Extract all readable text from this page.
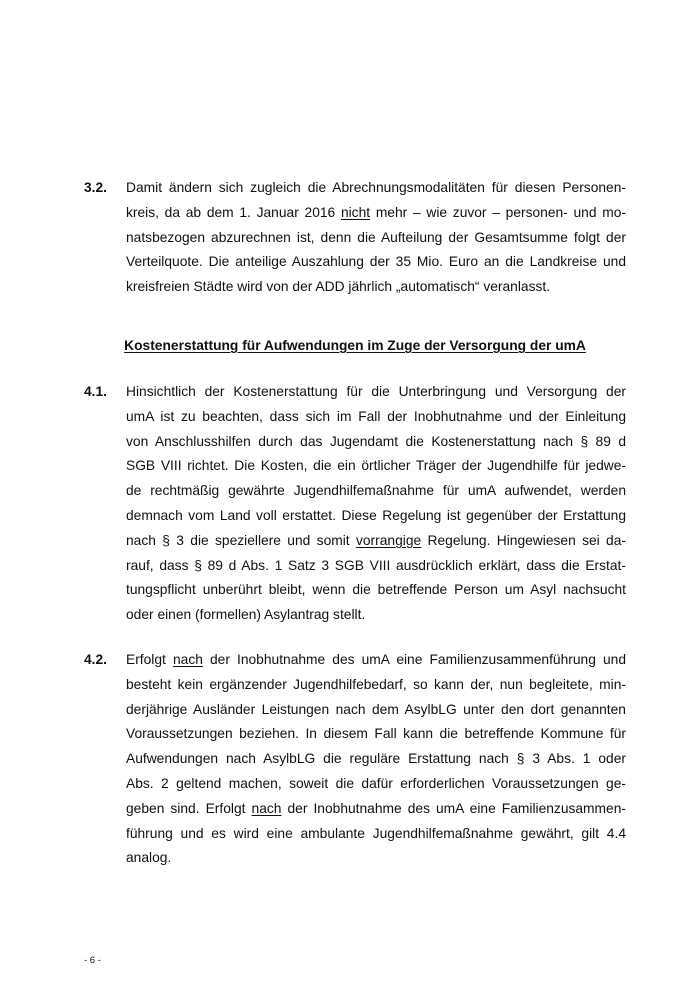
3.2. Damit ändern sich zugleich die Abrechnungsmodalitäten für diesen Personen-
kreis, da ab dem 1. Januar 2016 nicht mehr – wie zuvor – personen- und mo-
natsbezogen abzurechnen ist, denn die Aufteilung der Gesamtsumme folgt der
Verteilquote. Die anteilige Auszahlung der 35 Mio. Euro an die Landkreise und
kreisfreien Städte wird von der ADD jährlich „automatisch“ veranlasst.
Kostenerstattung für Aufwendungen im Zuge der Versorgung der umA
4.1. Hinsichtlich der Kostenerstattung für die Unterbringung und Versorgung der
umA ist zu beachten, dass sich im Fall der Inobhutnahme und der Einleitung
von Anschlusshilfen durch das Jugendamt die Kostenerstattung nach § 89 d
SGB VIII richtet. Die Kosten, die ein örtlicher Träger der Jugendhilfe für jedwe-
de rechtmäßig gewährte Jugendhilfemaßnahme für umA aufwendet, werden
demnach vom Land voll erstattet. Diese Regelung ist gegenüber der Erstattung
nach § 3 die speziellere und somit vorrangige Regelung. Hingewiesen sei da-
rauf, dass § 89 d Abs. 1 Satz 3 SGB VIII ausdrücklich erklärt, dass die Erstat-
tungspflicht unberührt bleibt, wenn die betreffende Person um Asyl nachsucht
oder einen (formellen) Asylantrag stellt.
4.2. Erfolgt nach der Inobhutnahme des umA eine Familienzusammenführung und
besteht kein ergänzender Jugendhilfebedarf, so kann der, nun begleitete, min-
derjährige Ausländer Leistungen nach dem AsylbLG unter den dort genannten
Voraussetzungen beziehen. In diesem Fall kann die betreffende Kommune für
Aufwendungen nach AsylbLG die reguläre Erstattung nach § 3 Abs. 1 oder
Abs. 2 geltend machen, soweit die dafür erforderlichen Voraussetzungen ge-
geben sind. Erfolgt nach der Inobhutnahme des umA eine Familienzusammen-
führung und es wird eine ambulante Jugendhilfemaßnahme gewährt, gilt 4.4
analog.
- 6 -
